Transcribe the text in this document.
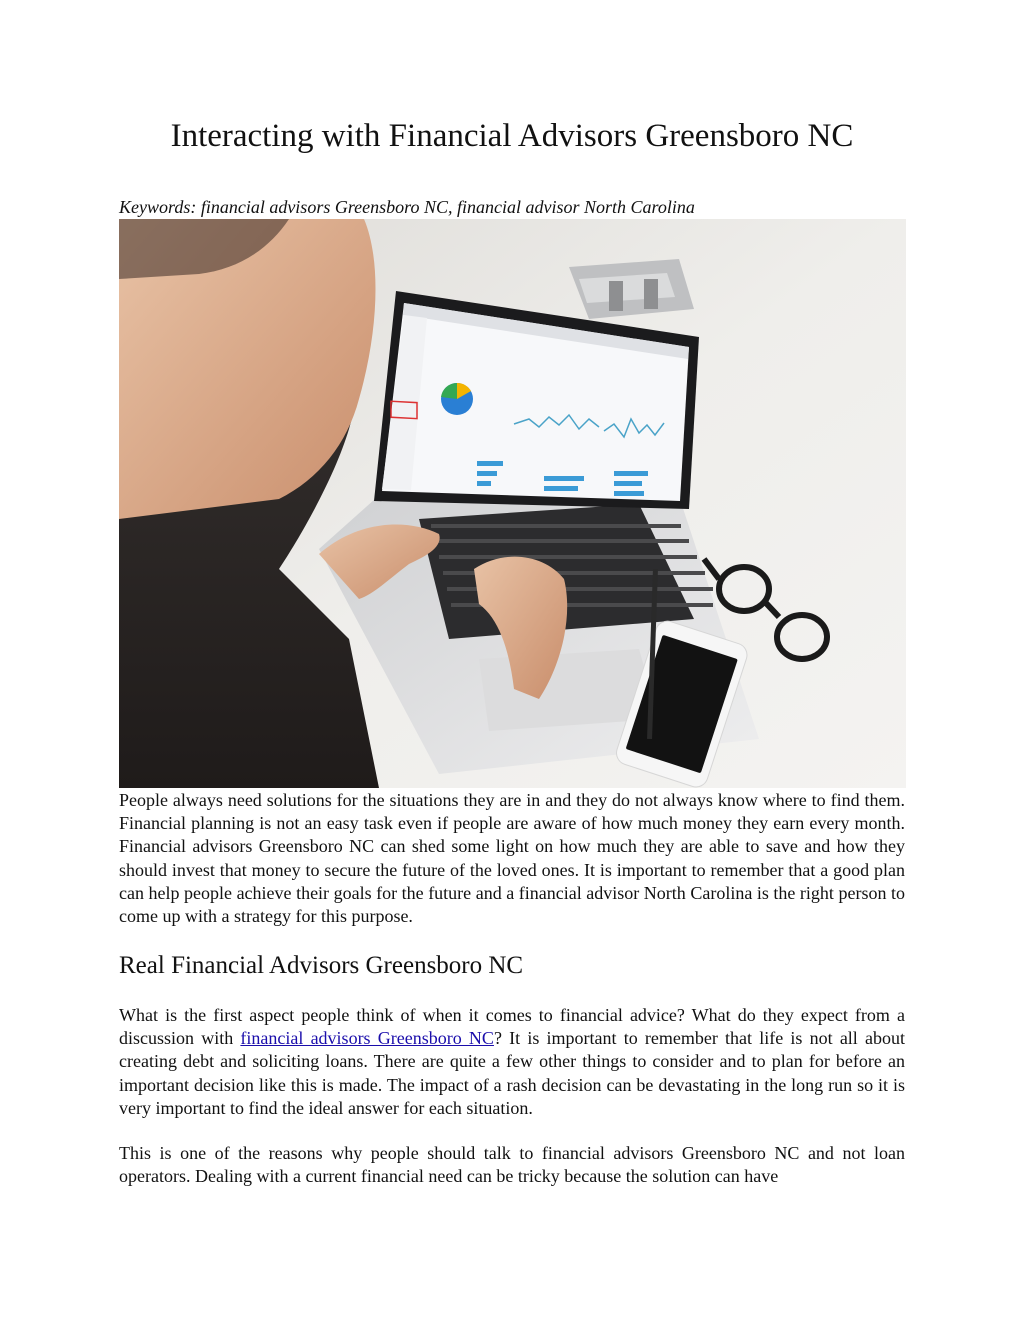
Interacting with Financial Advisors Greensboro NC

Keywords: financial advisors Greensboro NC, financial advisor North Carolina

People always need solutions for the situations they are in and they do not always know where to find them. Financial planning is not an easy task even if people are aware of how much money they earn every month. Financial advisors Greensboro NC can shed some light on how much they are able to save and how they should invest that money to secure the future of the loved ones. It is important to remember that a good plan can help people achieve their goals for the future and a financial advisor North Carolina is the right person to come up with a strategy for this purpose.

Real Financial Advisors Greensboro NC

What is the first aspect people think of when it comes to financial advice? What do they expect from a discussion with financial advisors Greensboro NC? It is important to remember that life is not all about creating debt and soliciting loans. There are quite a few other things to consider and to plan for before an important decision like this is made. The impact of a rash decision can be devastating in the long run so it is very important to find the ideal answer for each situation.

This is one of the reasons why people should talk to financial advisors Greensboro NC and not loan operators. Dealing with a current financial need can be tricky because the solution can have
